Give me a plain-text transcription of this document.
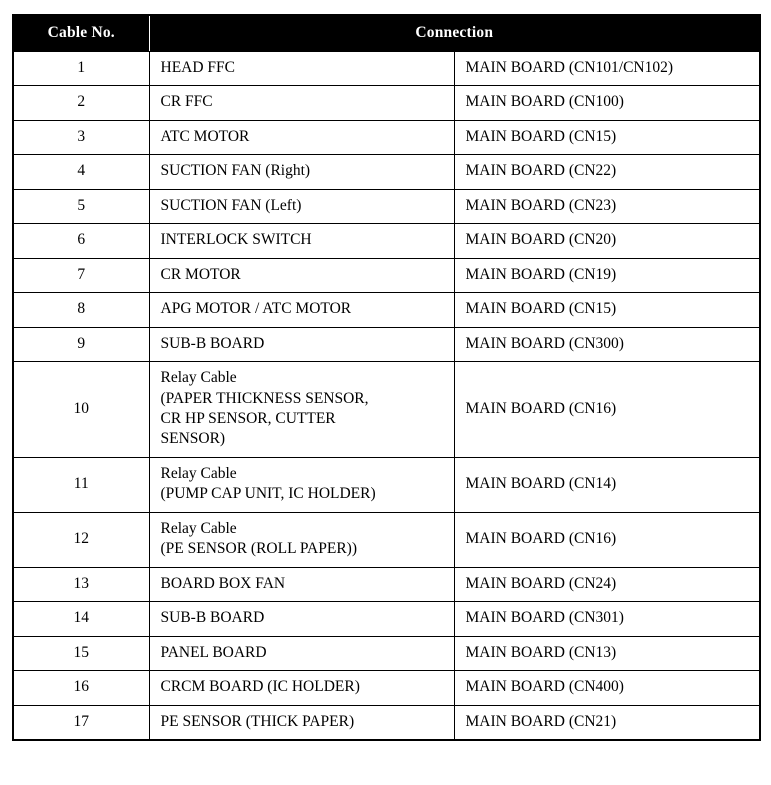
Cable No.	Connection	
1	HEAD FFC	MAIN BOARD (CN101/CN102)
2	CR FFC	MAIN BOARD (CN100)
3	ATC MOTOR	MAIN BOARD (CN15)
4	SUCTION FAN (Right)	MAIN BOARD (CN22)
5	SUCTION FAN (Left)	MAIN BOARD (CN23)
6	INTERLOCK SWITCH	MAIN BOARD (CN20)
7	CR MOTOR	MAIN BOARD (CN19)
8	APG MOTOR / ATC MOTOR	MAIN BOARD (CN15)
9	SUB-B BOARD	MAIN BOARD (CN300)
10	Relay Cable
(PAPER THICKNESS SENSOR,
CR HP SENSOR, CUTTER
SENSOR)	MAIN BOARD (CN16)
11	Relay Cable
(PUMP CAP UNIT, IC HOLDER)	MAIN BOARD (CN14)
12	Relay Cable
(PE SENSOR (ROLL PAPER))	MAIN BOARD (CN16)
13	BOARD BOX FAN	MAIN BOARD (CN24)
14	SUB-B BOARD	MAIN BOARD (CN301)
15	PANEL BOARD	MAIN BOARD (CN13)
16	CRCM BOARD (IC HOLDER)	MAIN BOARD (CN400)
17	PE SENSOR (THICK PAPER)	MAIN BOARD (CN21)
